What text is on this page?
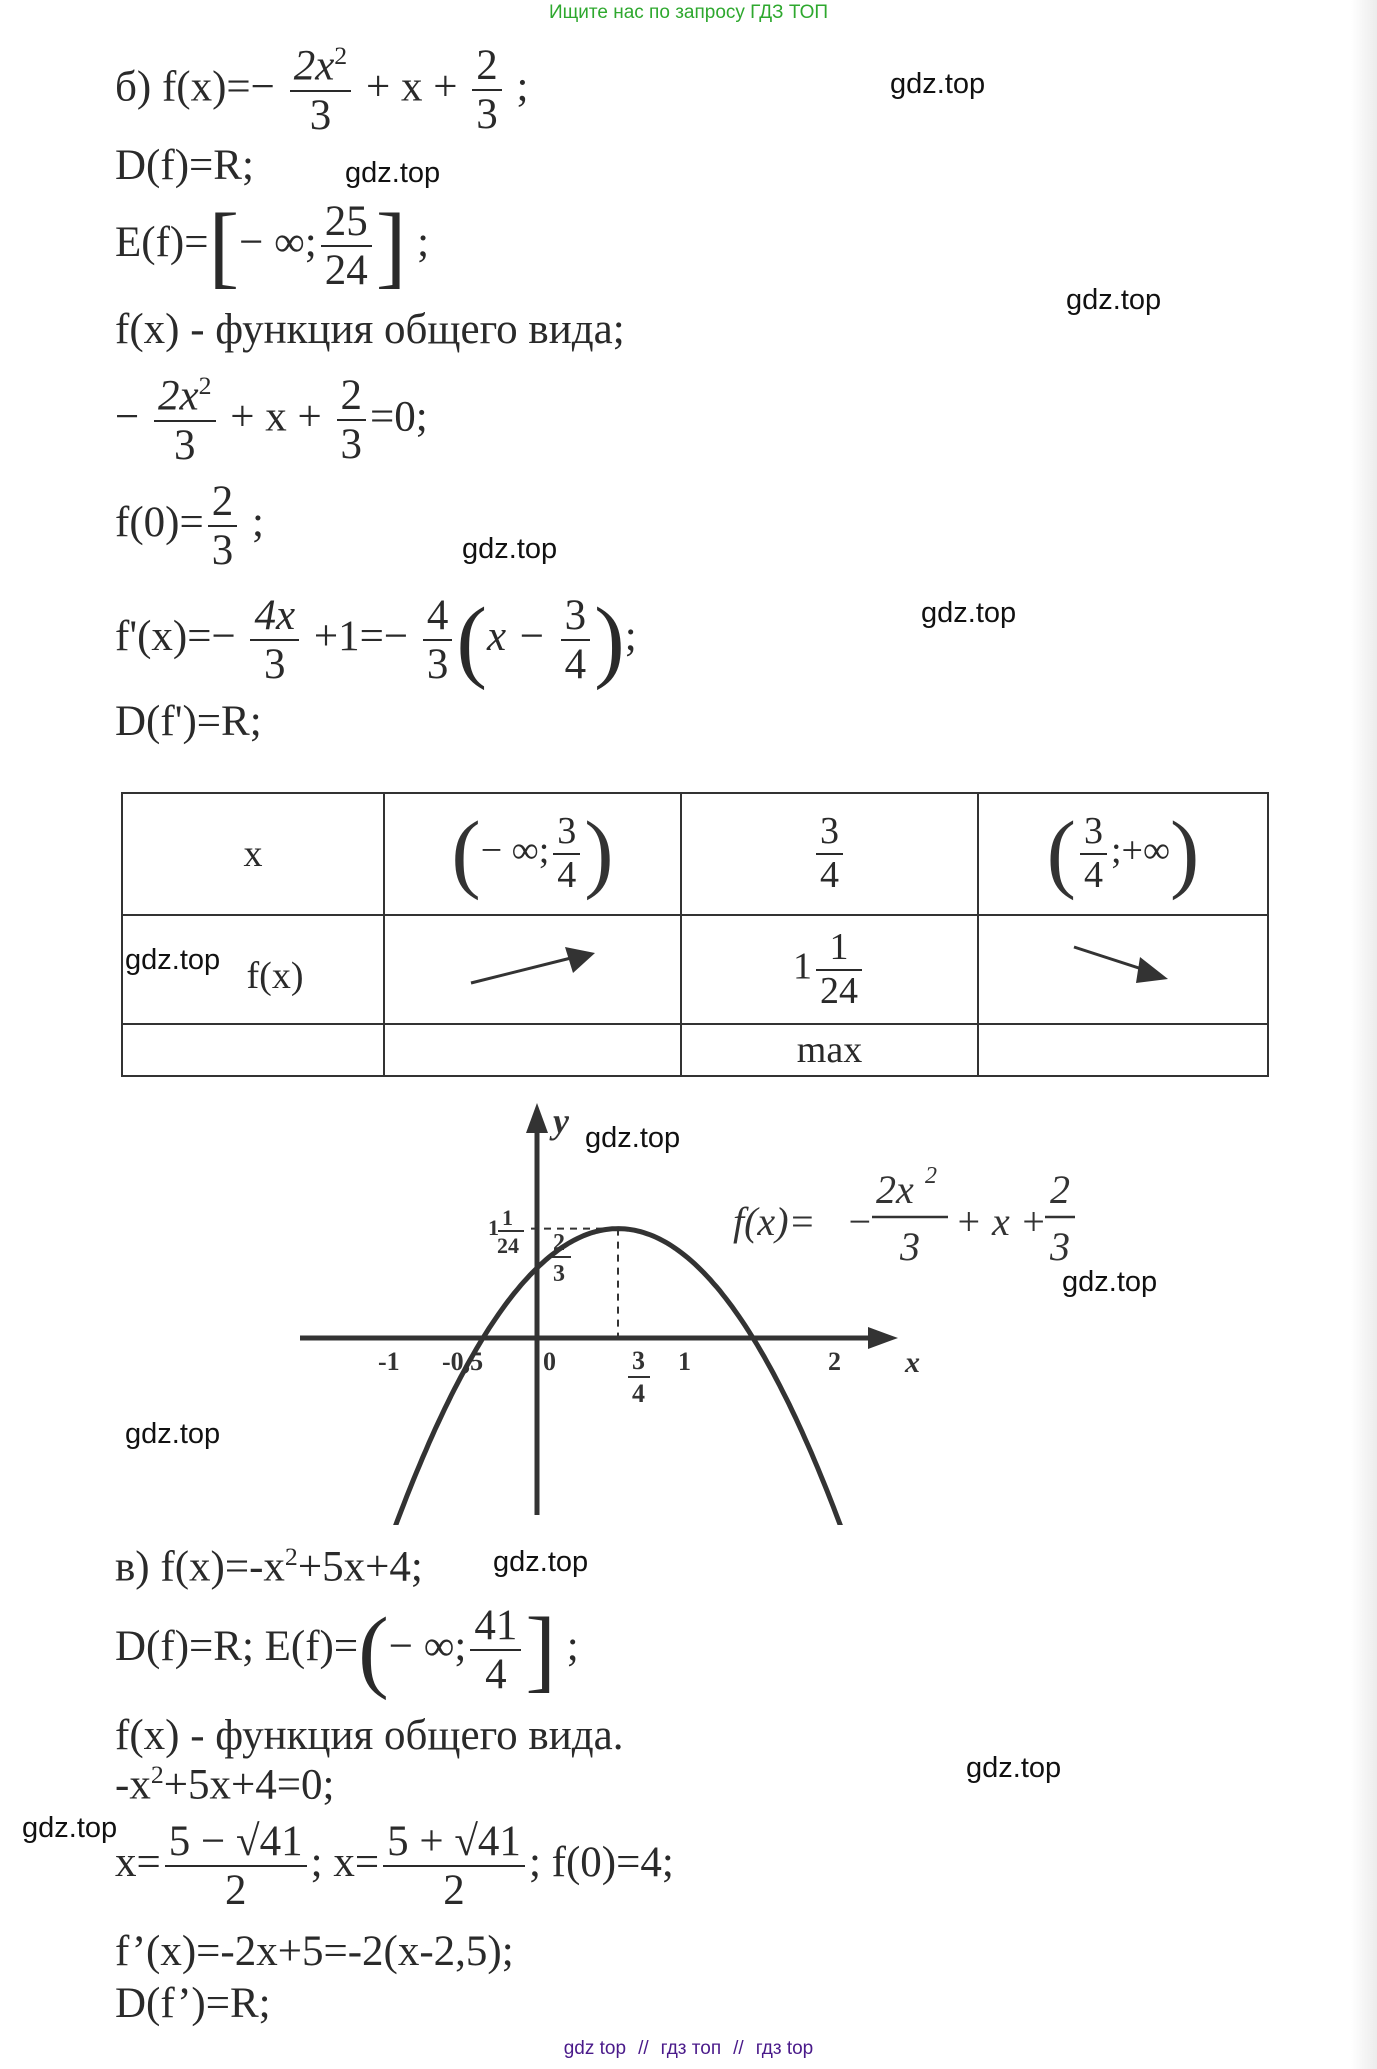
Ищите нас по запросу ГДЗ ТОП
б) $f(x)=- \frac{2x^2}{3} + x + \frac{2}{3}$ ;
D(f)=R;
E(f)=[− ∞; $\frac{25}{24}$ ] ;
f(x) - функция общего вида;
− $\frac{2x^2}{3} + x + \frac{2}{3} =0$;
$f(0)= \frac{2}{3}$ ;
$f'(x)=- \frac{4x}{3} +1=- \frac{4}{3} (x - \frac{3}{4}$ );
D(f')=R;
x	(− ∞; $\frac{3}{4}$ )	$\frac{3}{4}$	( $\frac{3}{4}$ ;+∞)
f(x)		$1 \frac{1}{24}$

		max	
y
x
-1 -0,5 0	1	2
3
4
1 1
24 2
3
f(x)= −
2x 2
3
+ x +
2
3
в) $f(x)=-x^2+5x+4$;
D(f)=R; E(f)=(− ∞; $\frac{41}{4}$ ] ;
f(x) - функция общего вида.
$-x^2+5x+4=0$;
$x= \frac{5 - √41}{2}$ ; $x= \frac{5 + √41}{2}$ ; f(0)=4;
f’(x)=-2x+5=-2(x-2,5);
D(f’)=R;
gdz.top
gdz.top
gdz.top
gdz.top
gdz.top
gdz.top
gdz.top
gdz.top
gdz.top
gdz.top
gdz.top
gdz.top
gdz top // гдз топ // гдз top
